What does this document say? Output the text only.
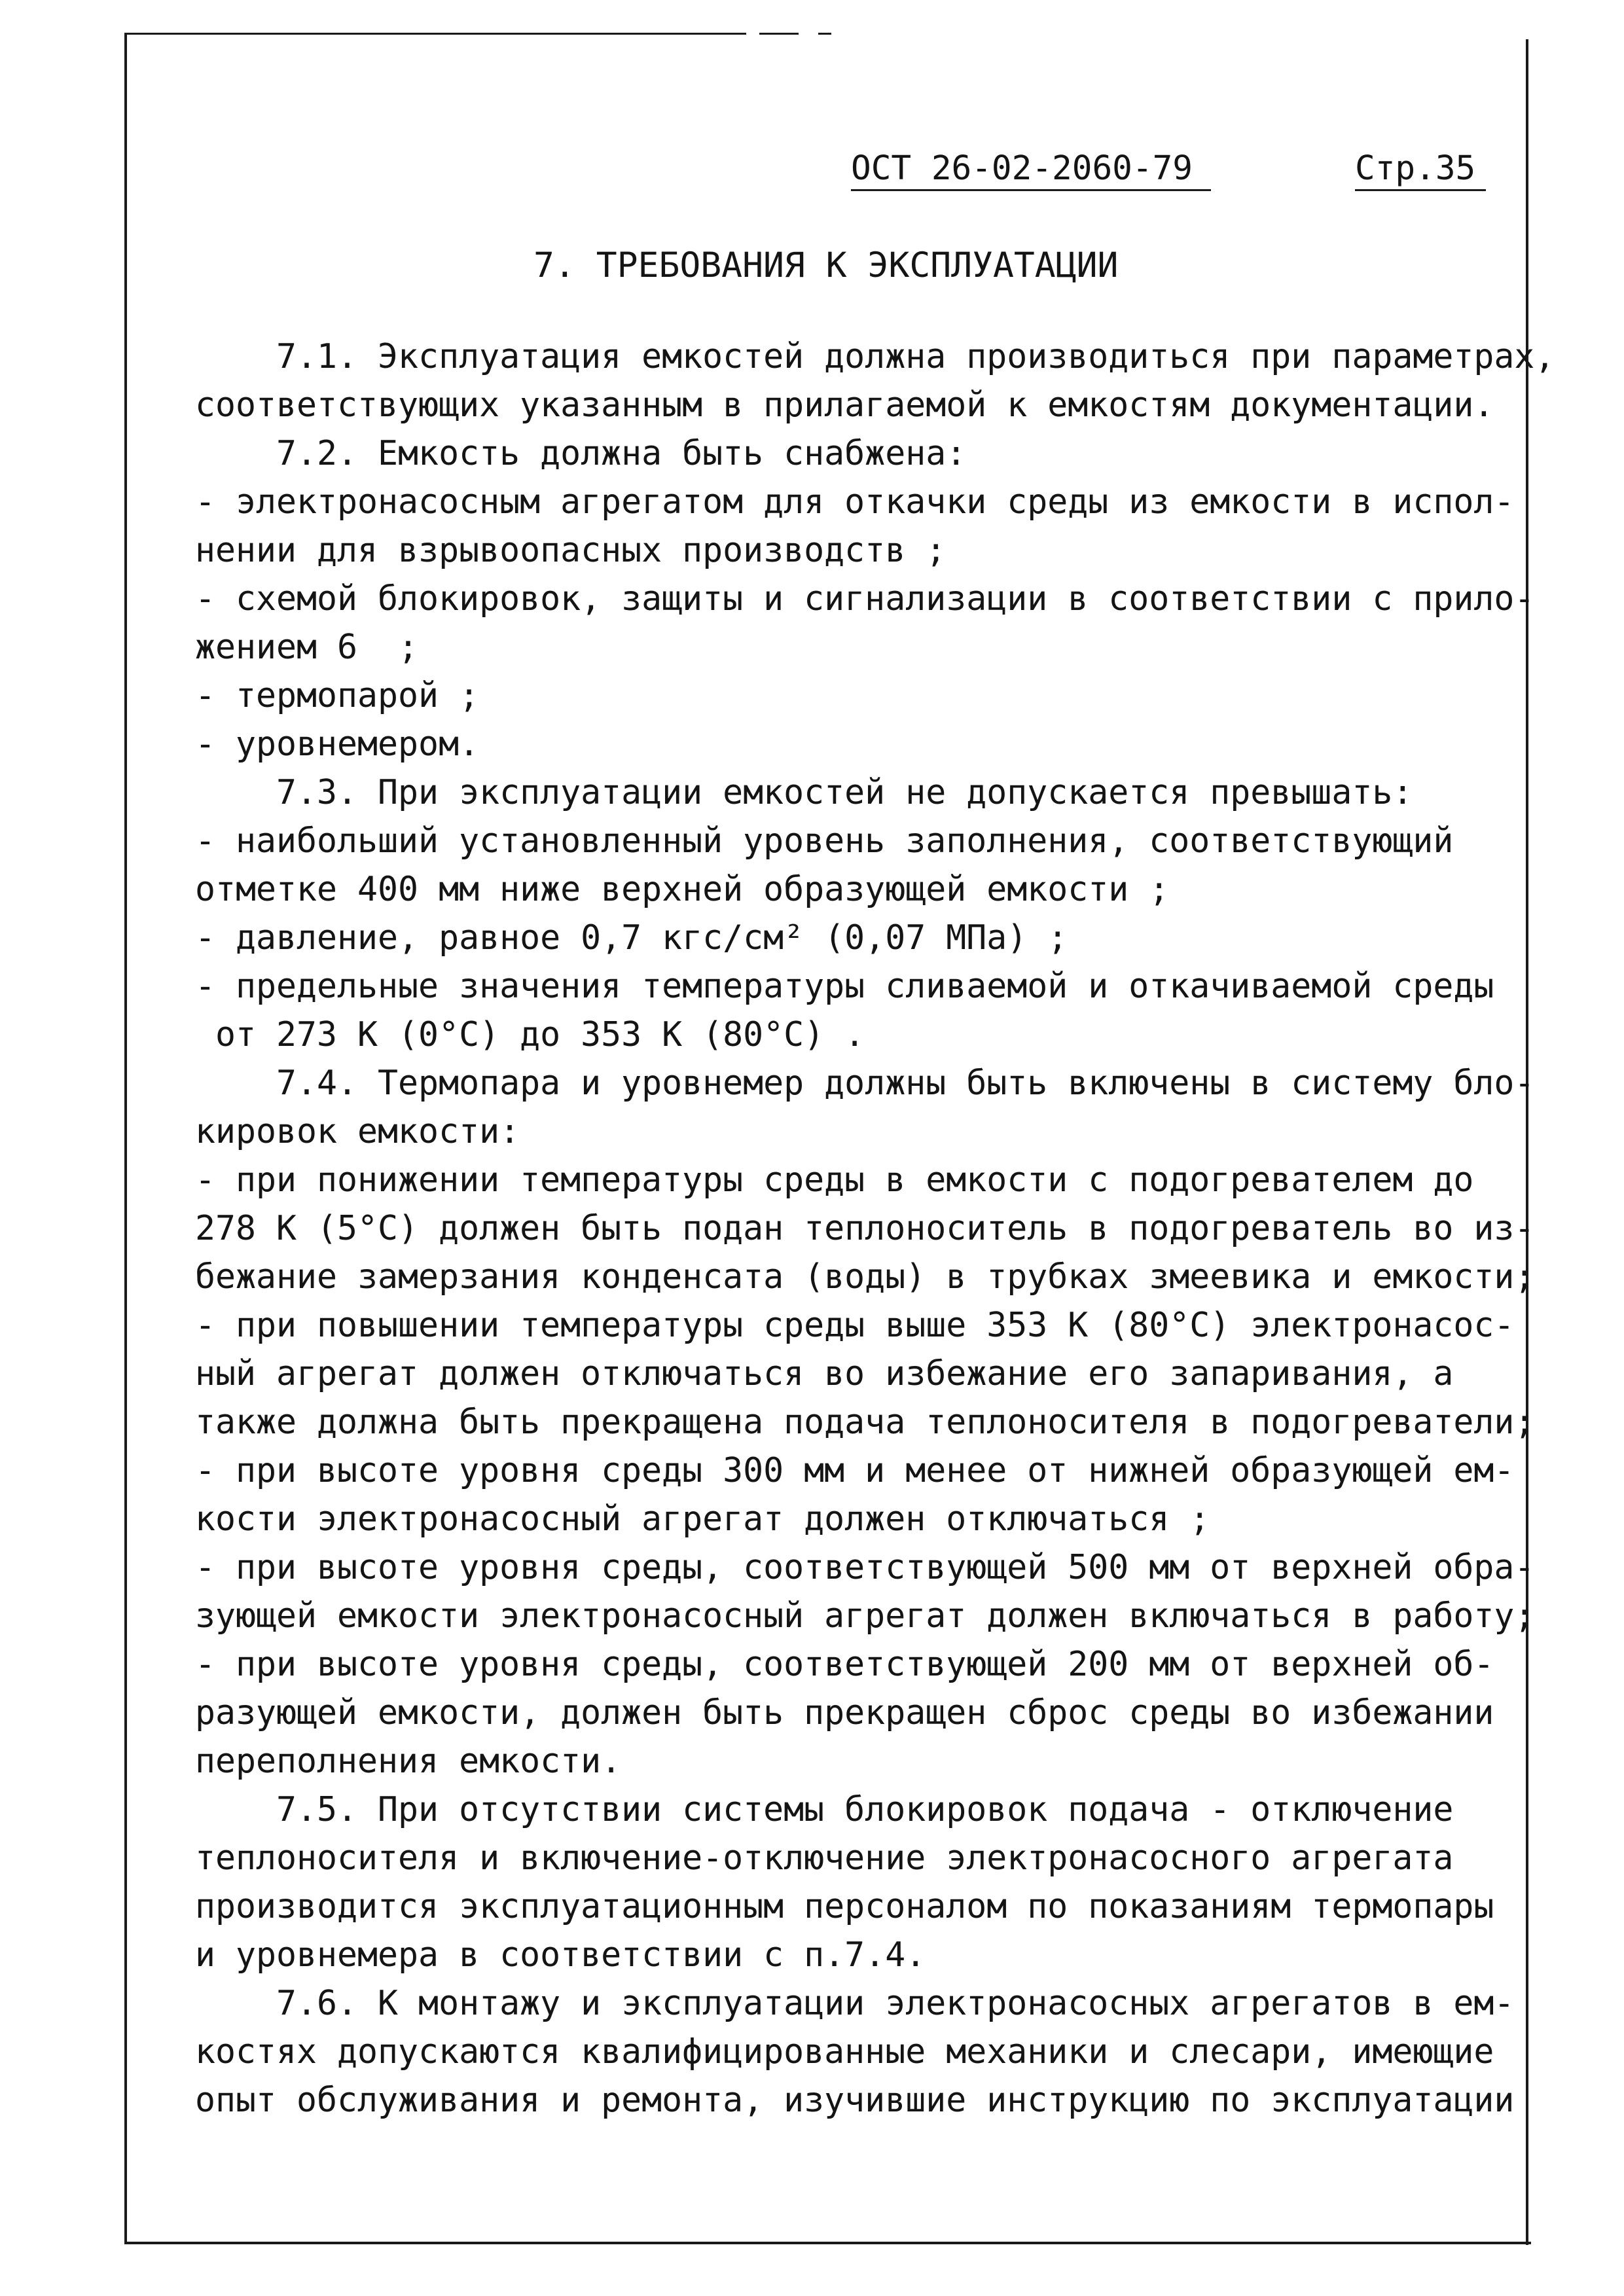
ОСТ 26-02-2060-79	Стр.35
7. ТРЕБОВАНИЯ К ЭКСПЛУАТАЦИИ
7.1. Эксплуатация емкостей должна производиться при параметрах,
соответствующих указанным в прилагаемой к емкостям документации.
7.2. Емкость должна быть снабжена:
- электронасосным агрегатом для откачки среды из емкости в испол-
нении для взрывоопасных производств ;
- схемой блокировок, защиты и сигнализации в соответствии с прило-
жением 6  ;
- термопарой ;
- уровнемером.
7.3. При эксплуатации емкостей не допускается превышать:
- наибольший установленный уровень заполнения, соответствующий
отметке 400 мм ниже верхней образующей емкости ;
- давление, равное 0,7 кгс/см² (0,07 МПа) ;
- предельные значения температуры сливаемой и откачиваемой среды
от 273 К (0°С) до 353 К (80°С) .
7.4. Термопара и уровнемер должны быть включены в систему бло-
кировок емкости:
- при понижении температуры среды в емкости с подогревателем до
278 К (5°С) должен быть подан теплоноситель в подогреватель во из-
бежание замерзания конденсата (воды) в трубках змеевика и емкости;
- при повышении температуры среды выше 353 К (80°С) электронасос-
ный агрегат должен отключаться во избежание его запаривания, а
также должна быть прекращена подача теплоносителя в подогреватели;
- при высоте уровня среды 300 мм и менее от нижней образующей ем-
кости электронасосный агрегат должен отключаться ;
- при высоте уровня среды, соответствующей 500 мм от верхней обра-
зующей емкости электронасосный агрегат должен включаться в работу;
- при высоте уровня среды, соответствующей 200 мм от верхней об-
разующей емкости, должен быть прекращен сброс среды во избежании
переполнения емкости.
7.5. При отсутствии системы блокировок подача - отключение
теплоносителя и включение-отключение электронасосного агрегата
производится эксплуатационным персоналом по показаниям термопары
и уровнемера в соответствии с п.7.4.
7.6. К монтажу и эксплуатации электронасосных агрегатов в ем-
костях допускаются квалифицированные механики и слесари, имеющие
опыт обслуживания и ремонта, изучившие инструкцию по эксплуатации
